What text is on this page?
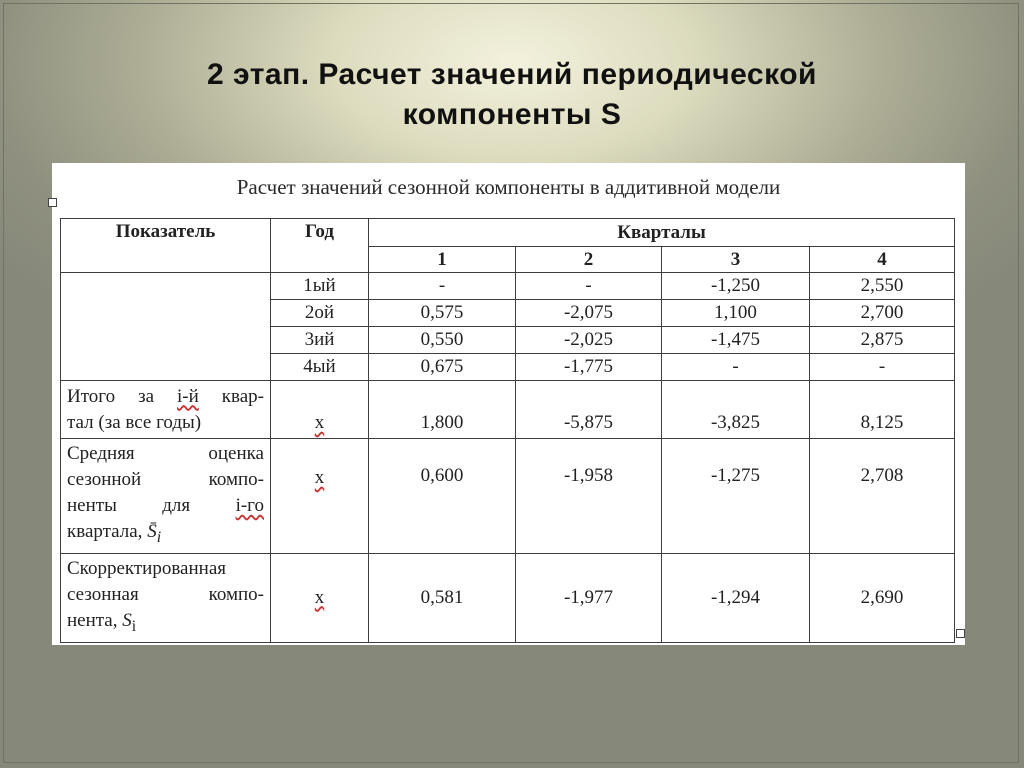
2 этап. Расчет значений периодической
компоненты S
Расчет значений сезонной компоненты в аддитивной модели
Показатель	Год	Кварталы			
		1	2	3	4
	1ый	-	-	-1,250	2,550
	2ой	0,575	-2,075	1,100	2,700
	3ий	0,550	-2,025	-1,475	2,875
	4ый	0,675	-1,775	-	-

Итого за i-й квар-
тал (за все годы)	х	1,800	-5,875	-3,825	8,125

Средняя оценка
сезонной компо-
ненты для i-го
квартала, $S̄_i$	х	0,600	-1,958	-1,275	2,708

Скорректированная
сезонная компо-
нента, $S_i$	х	0,581	-1,977	-1,294	2,690
